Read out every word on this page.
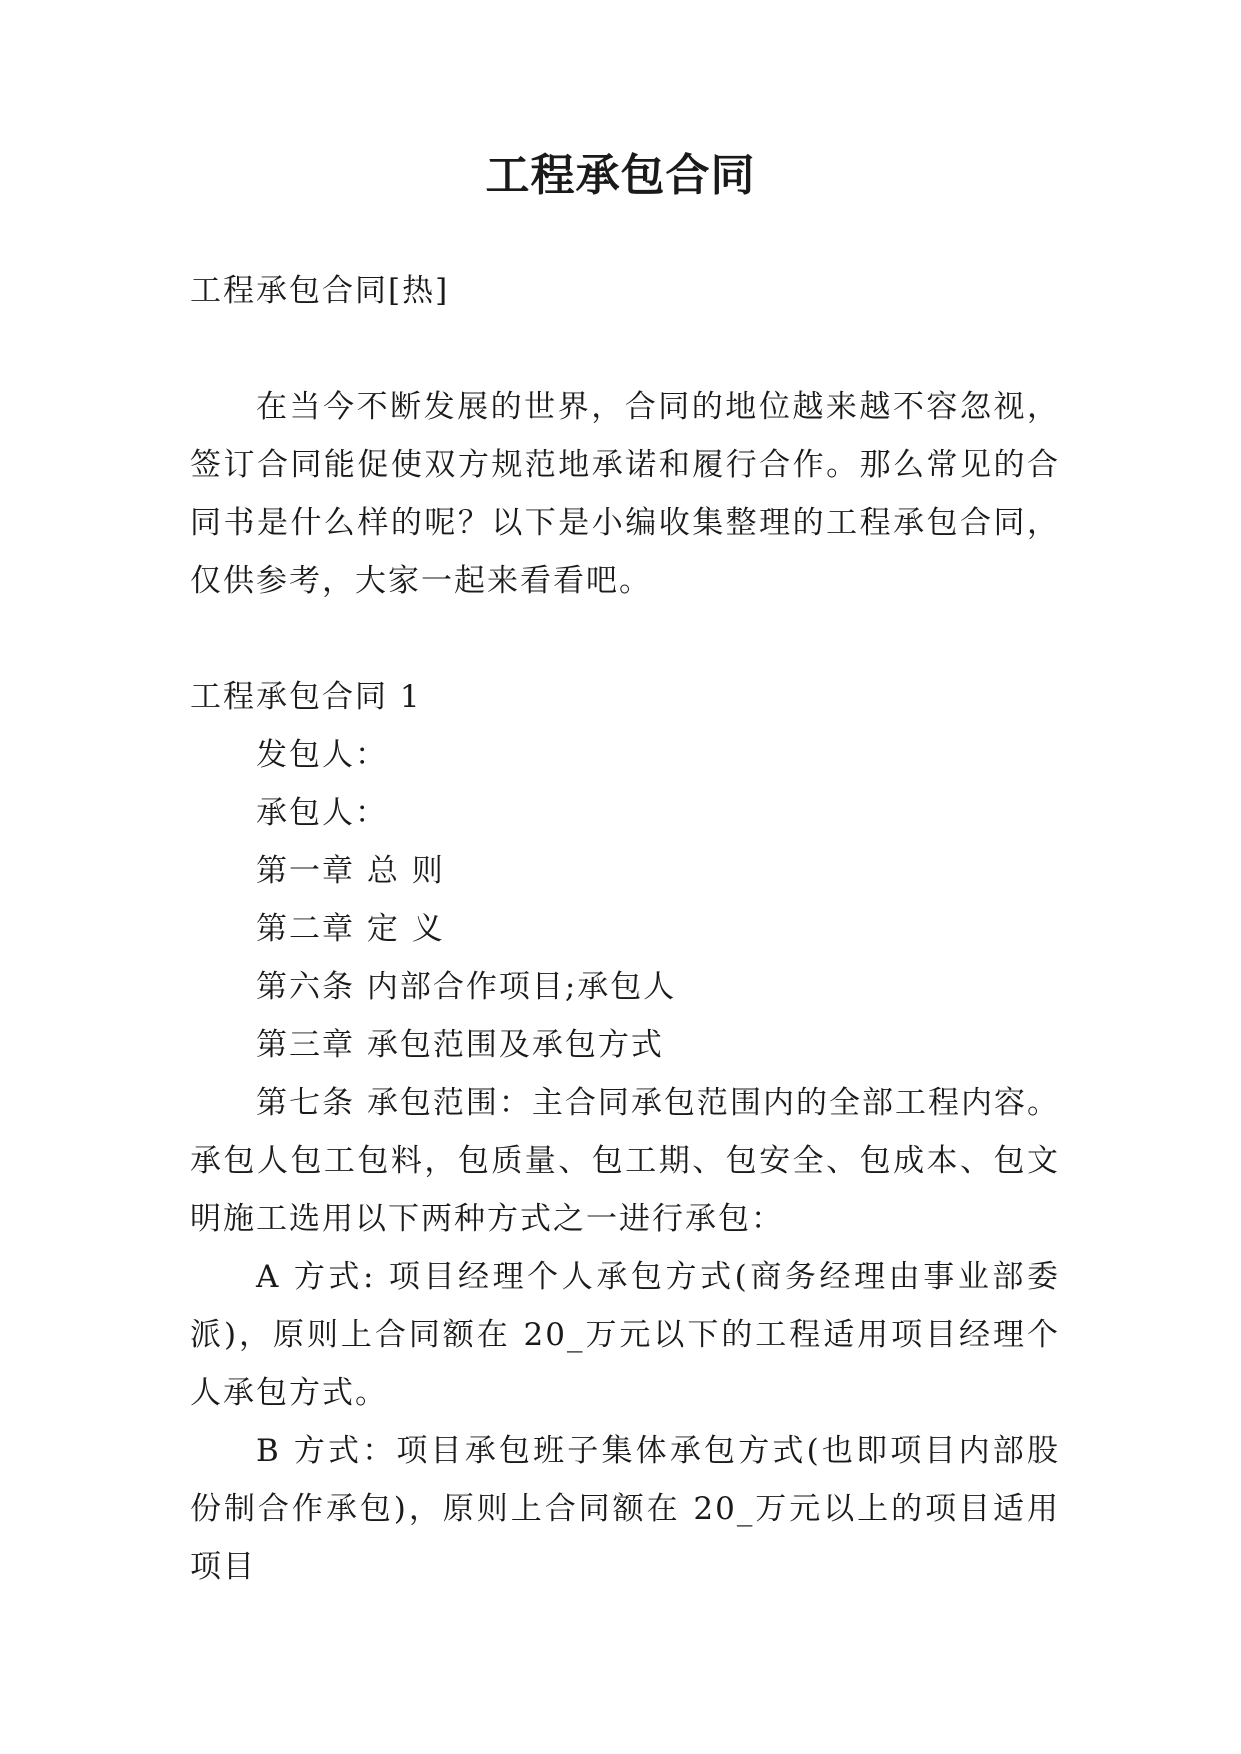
工程承包合同

工程承包合同[热]

在当今不断发展的世界，合同的地位越来越不容忽视，签订合同能促使双方规范地承诺和履行合作。那么常见的合同书是什么样的呢？以下是小编收集整理的工程承包合同，仅供参考，大家一起来看看吧。

工程承包合同 1

发包人：

承包人：

第一章 总 则

第二章 定 义

第六条 内部合作项目;承包人

第三章 承包范围及承包方式

第七条 承包范围：主合同承包范围内的全部工程内容。承包人包工包料，包质量、包工期、包安全、包成本、包文明施工选用以下两种方式之一进行承包：

A 方式: 项目经理个人承包方式(商务经理由事业部委派)，原则上合同额在 20_万元以下的工程适用项目经理个人承包方式。

B 方式：项目承包班子集体承包方式(也即项目内部股份制合作承包)，原则上合同额在 20_万元以上的项目适用项目
